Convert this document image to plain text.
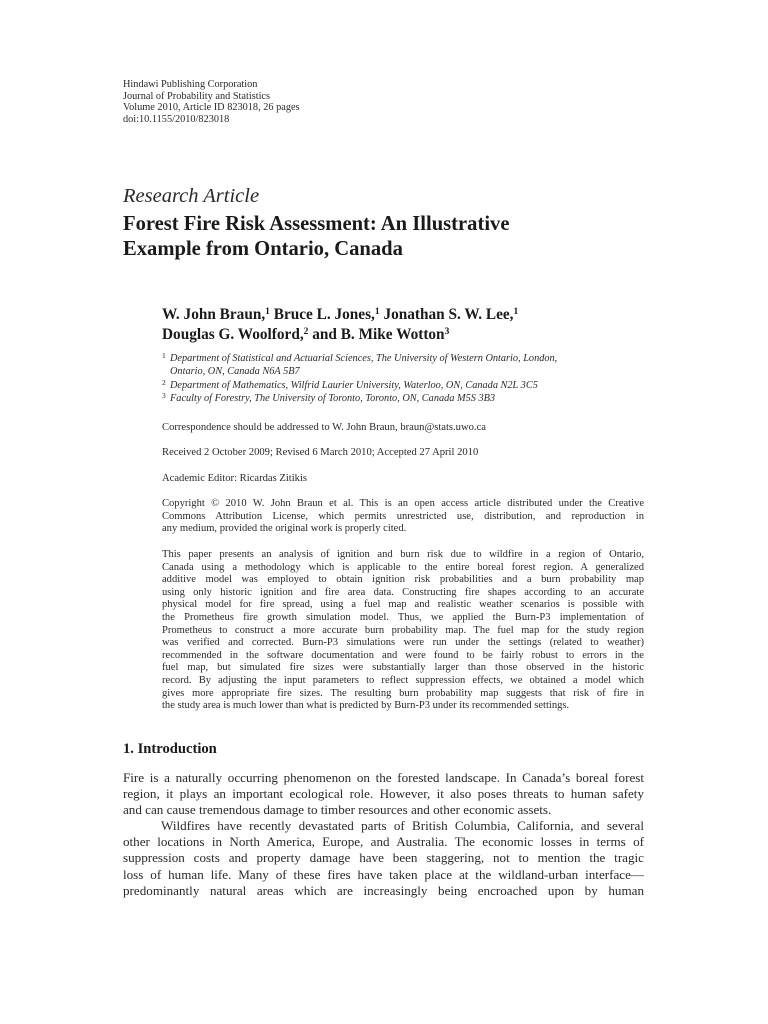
Hindawi Publishing Corporation
Journal of Probability and Statistics
Volume 2010, Article ID 823018, 26 pages
doi:10.1155/2010/823018
Research Article
Forest Fire Risk Assessment: An Illustrative
Example from Ontario, Canada
W. John Braun,$^1$ Bruce L. Jones,$^1$ Jonathan S. W. Lee,$^1$
Douglas G. Woolford,$^2$ and B. Mike Wotton$^3$
1 Department of Statistical and Actuarial Sciences, The University of Western Ontario, London,
Ontario, ON, Canada N6A 5B7
2 Department of Mathematics, Wilfrid Laurier University, Waterloo, ON, Canada N2L 3C5
3 Faculty of Forestry, The University of Toronto, Toronto, ON, Canada M5S 3B3
Correspondence should be addressed to W. John Braun, braun@stats.uwo.ca
Received 2 October 2009; Revised 6 March 2010; Accepted 27 April 2010
Academic Editor: Ricardas Zitikis
Copyright © 2010 W. John Braun et al. This is an open access article distributed under the Creative
Commons Attribution License, which permits unrestricted use, distribution, and reproduction in
any medium, provided the original work is properly cited.
This paper presents an analysis of ignition and burn risk due to wildfire in a region of Ontario,
Canada using a methodology which is applicable to the entire boreal forest region. A generalized
additive model was employed to obtain ignition risk probabilities and a burn probability map
using only historic ignition and fire area data. Constructing fire shapes according to an accurate
physical model for fire spread, using a fuel map and realistic weather scenarios is possible with
the Prometheus fire growth simulation model. Thus, we applied the Burn-P3 implementation of
Prometheus to construct a more accurate burn probability map. The fuel map for the study region
was verified and corrected. Burn-P3 simulations were run under the settings (related to weather)
recommended in the software documentation and were found to be fairly robust to errors in the
fuel map, but simulated fire sizes were substantially larger than those observed in the historic
record. By adjusting the input parameters to reflect suppression effects, we obtained a model which
gives more appropriate fire sizes. The resulting burn probability map suggests that risk of fire in
the study area is much lower than what is predicted by Burn-P3 under its recommended settings.
1. Introduction
Fire is a naturally occurring phenomenon on the forested landscape. In Canada’s boreal forest
region, it plays an important ecological role. However, it also poses threats to human safety
and can cause tremendous damage to timber resources and other economic assets.
Wildfires have recently devastated parts of British Columbia, California, and several
other locations in North America, Europe, and Australia. The economic losses in terms of
suppression costs and property damage have been staggering, not to mention the tragic
loss of human life. Many of these fires have taken place at the wildland-urban interface—
predominantly natural areas which are increasingly being encroached upon by human
